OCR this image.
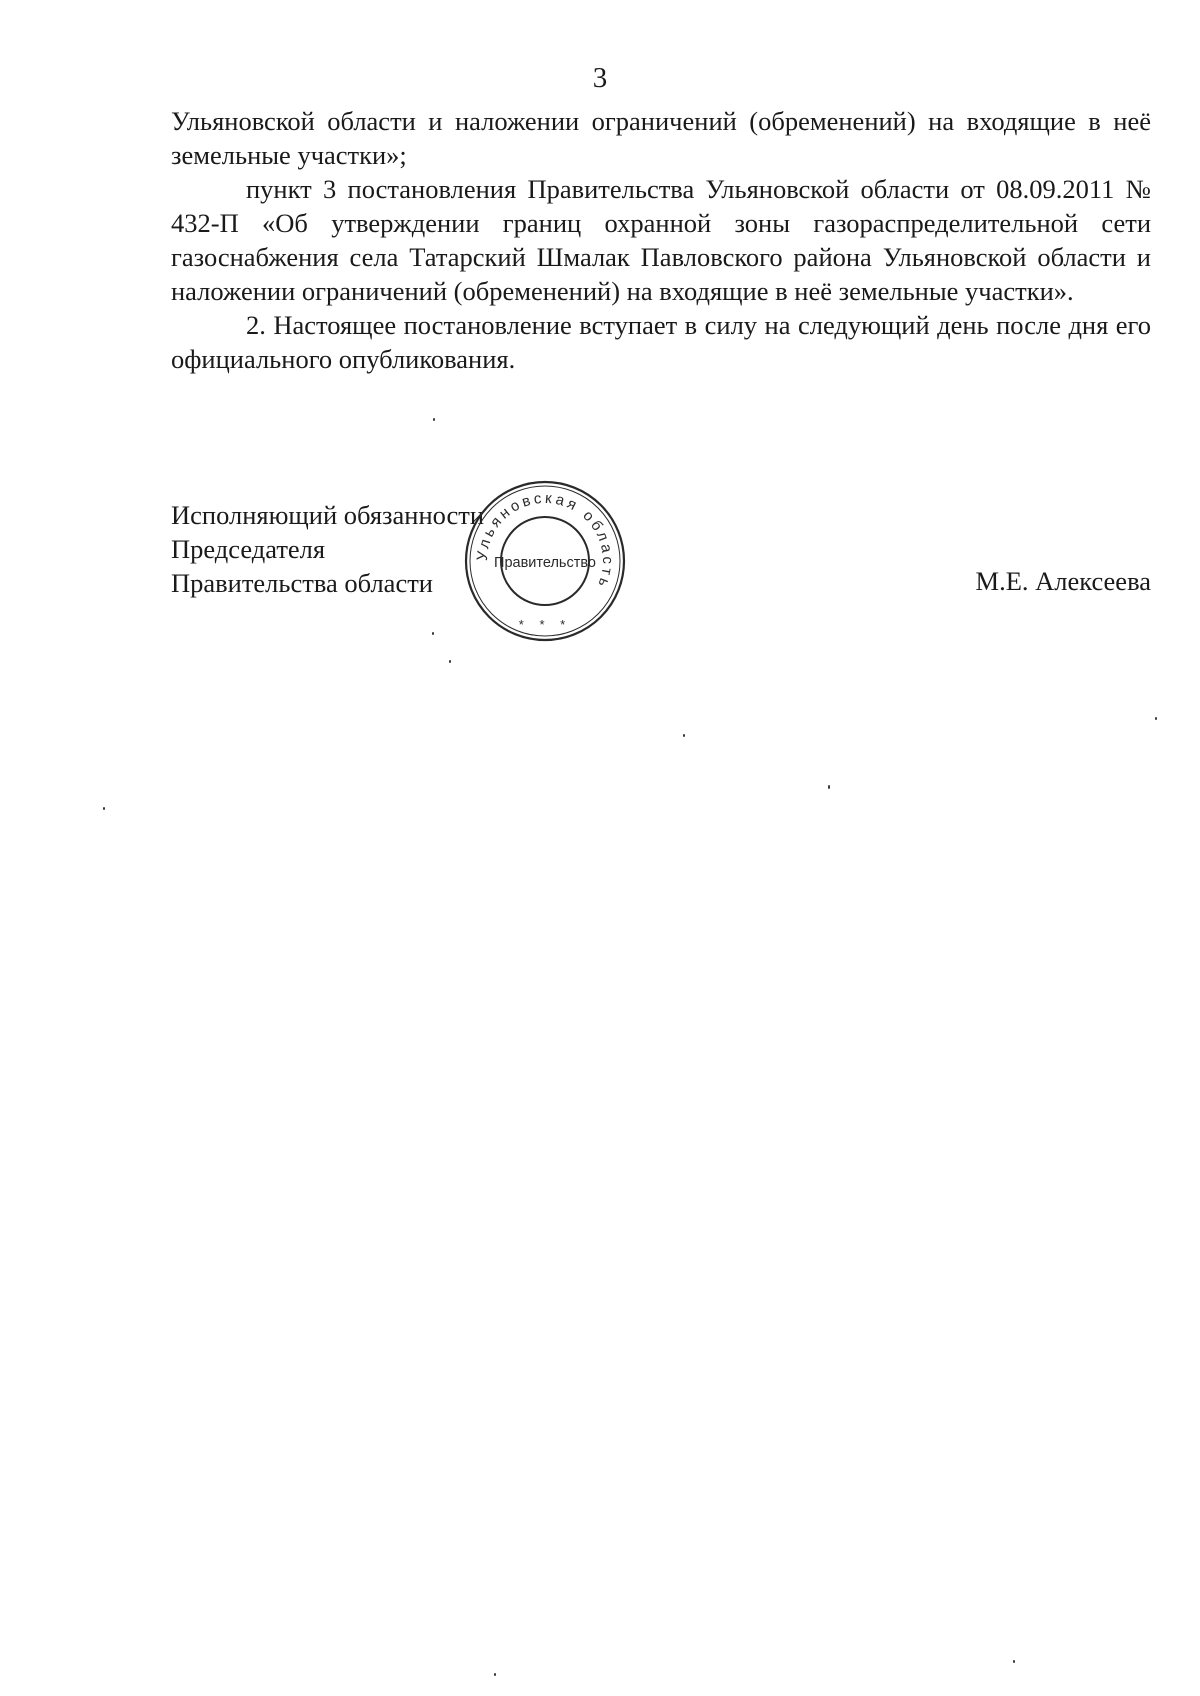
3

Ульяновской области и наложении ограничений (обременений) на входящие в неё земельные участки»;

пункт 3 постановления Правительства Ульяновской области от 08.09.2011 № 432-П «Об утверждении границ охранной зоны газораспределительной сети газоснабжения села Татарский Шмалак Павловского района Ульяновской области и наложении ограничений (обременений) на входящие в неё земельные участки».

2. Настоящее постановление вступает в силу на следующий день после дня его официального опубликования.

Исполняющий обязанности
Председателя
Правительства области	М.Е. Алексеева
Ульяновская область
Правительство
* * *
